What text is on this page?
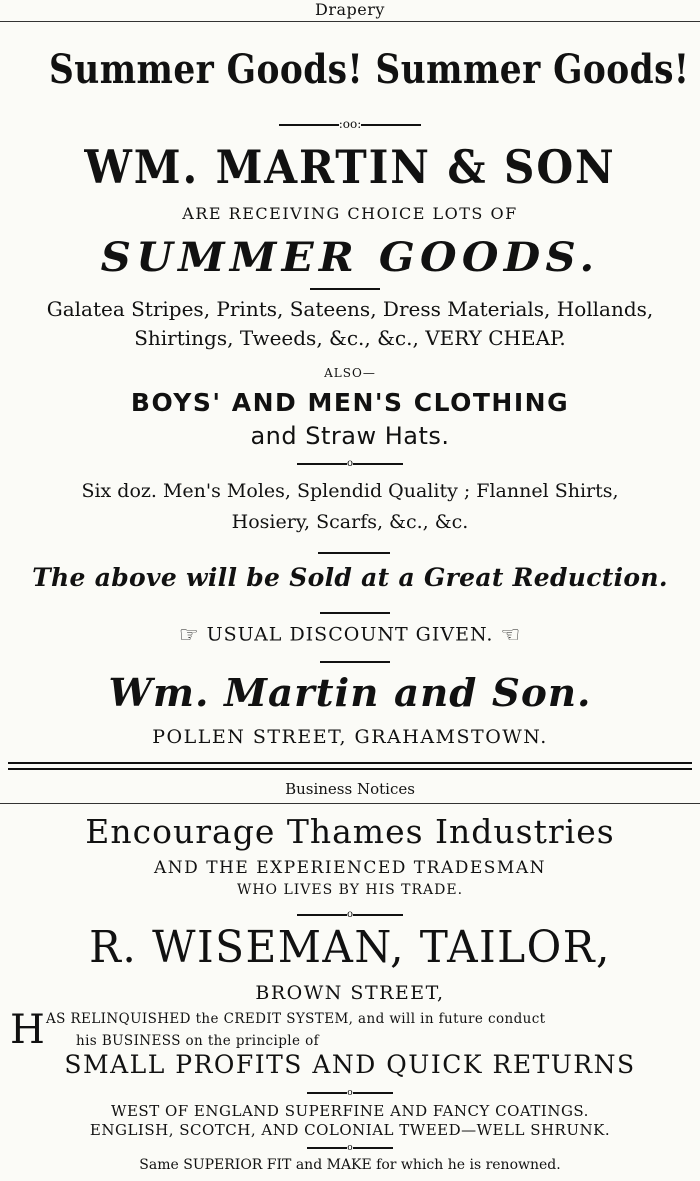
Drapery
Summer Goods! Summer Goods!
:oo:
WM. MARTIN & SON
ARE RECEIVING CHOICE LOTS OF
SUMMER GOODS.
Galatea Stripes, Prints, Sateens, Dress Materials, Hollands,
Shirtings, Tweeds, &c., &c., VERY CHEAP.
ALSO—
BOYS' AND MEN'S CLOTHING
and Straw Hats.
o
Six doz. Men's Moles, Splendid Quality ; Flannel Shirts,
Hosiery, Scarfs, &c., &c.
The above will be Sold at a Great Reduction.
☞ USUAL DISCOUNT GIVEN. ☜
Wm. Martin and Son.
POLLEN STREET, GRAHAMSTOWN.
Business Notices
Encourage Thames Industries
AND THE EXPERIENCED TRADESMAN
WHO LIVES BY HIS TRADE.
o
R. WISEMAN, TAILOR,
BROWN STREET,
H AS RELINQUISHED the CREDIT SYSTEM, and will in future conduct
his BUSINESS on the principle of
SMALL PROFITS AND QUICK RETURNS
o
WEST OF ENGLAND SUPERFINE AND FANCY COATINGS.
ENGLISH, SCOTCH, AND COLONIAL TWEED—WELL SHRUNK.
o
Same SUPERIOR FIT and MAKE for which he is renowned.
